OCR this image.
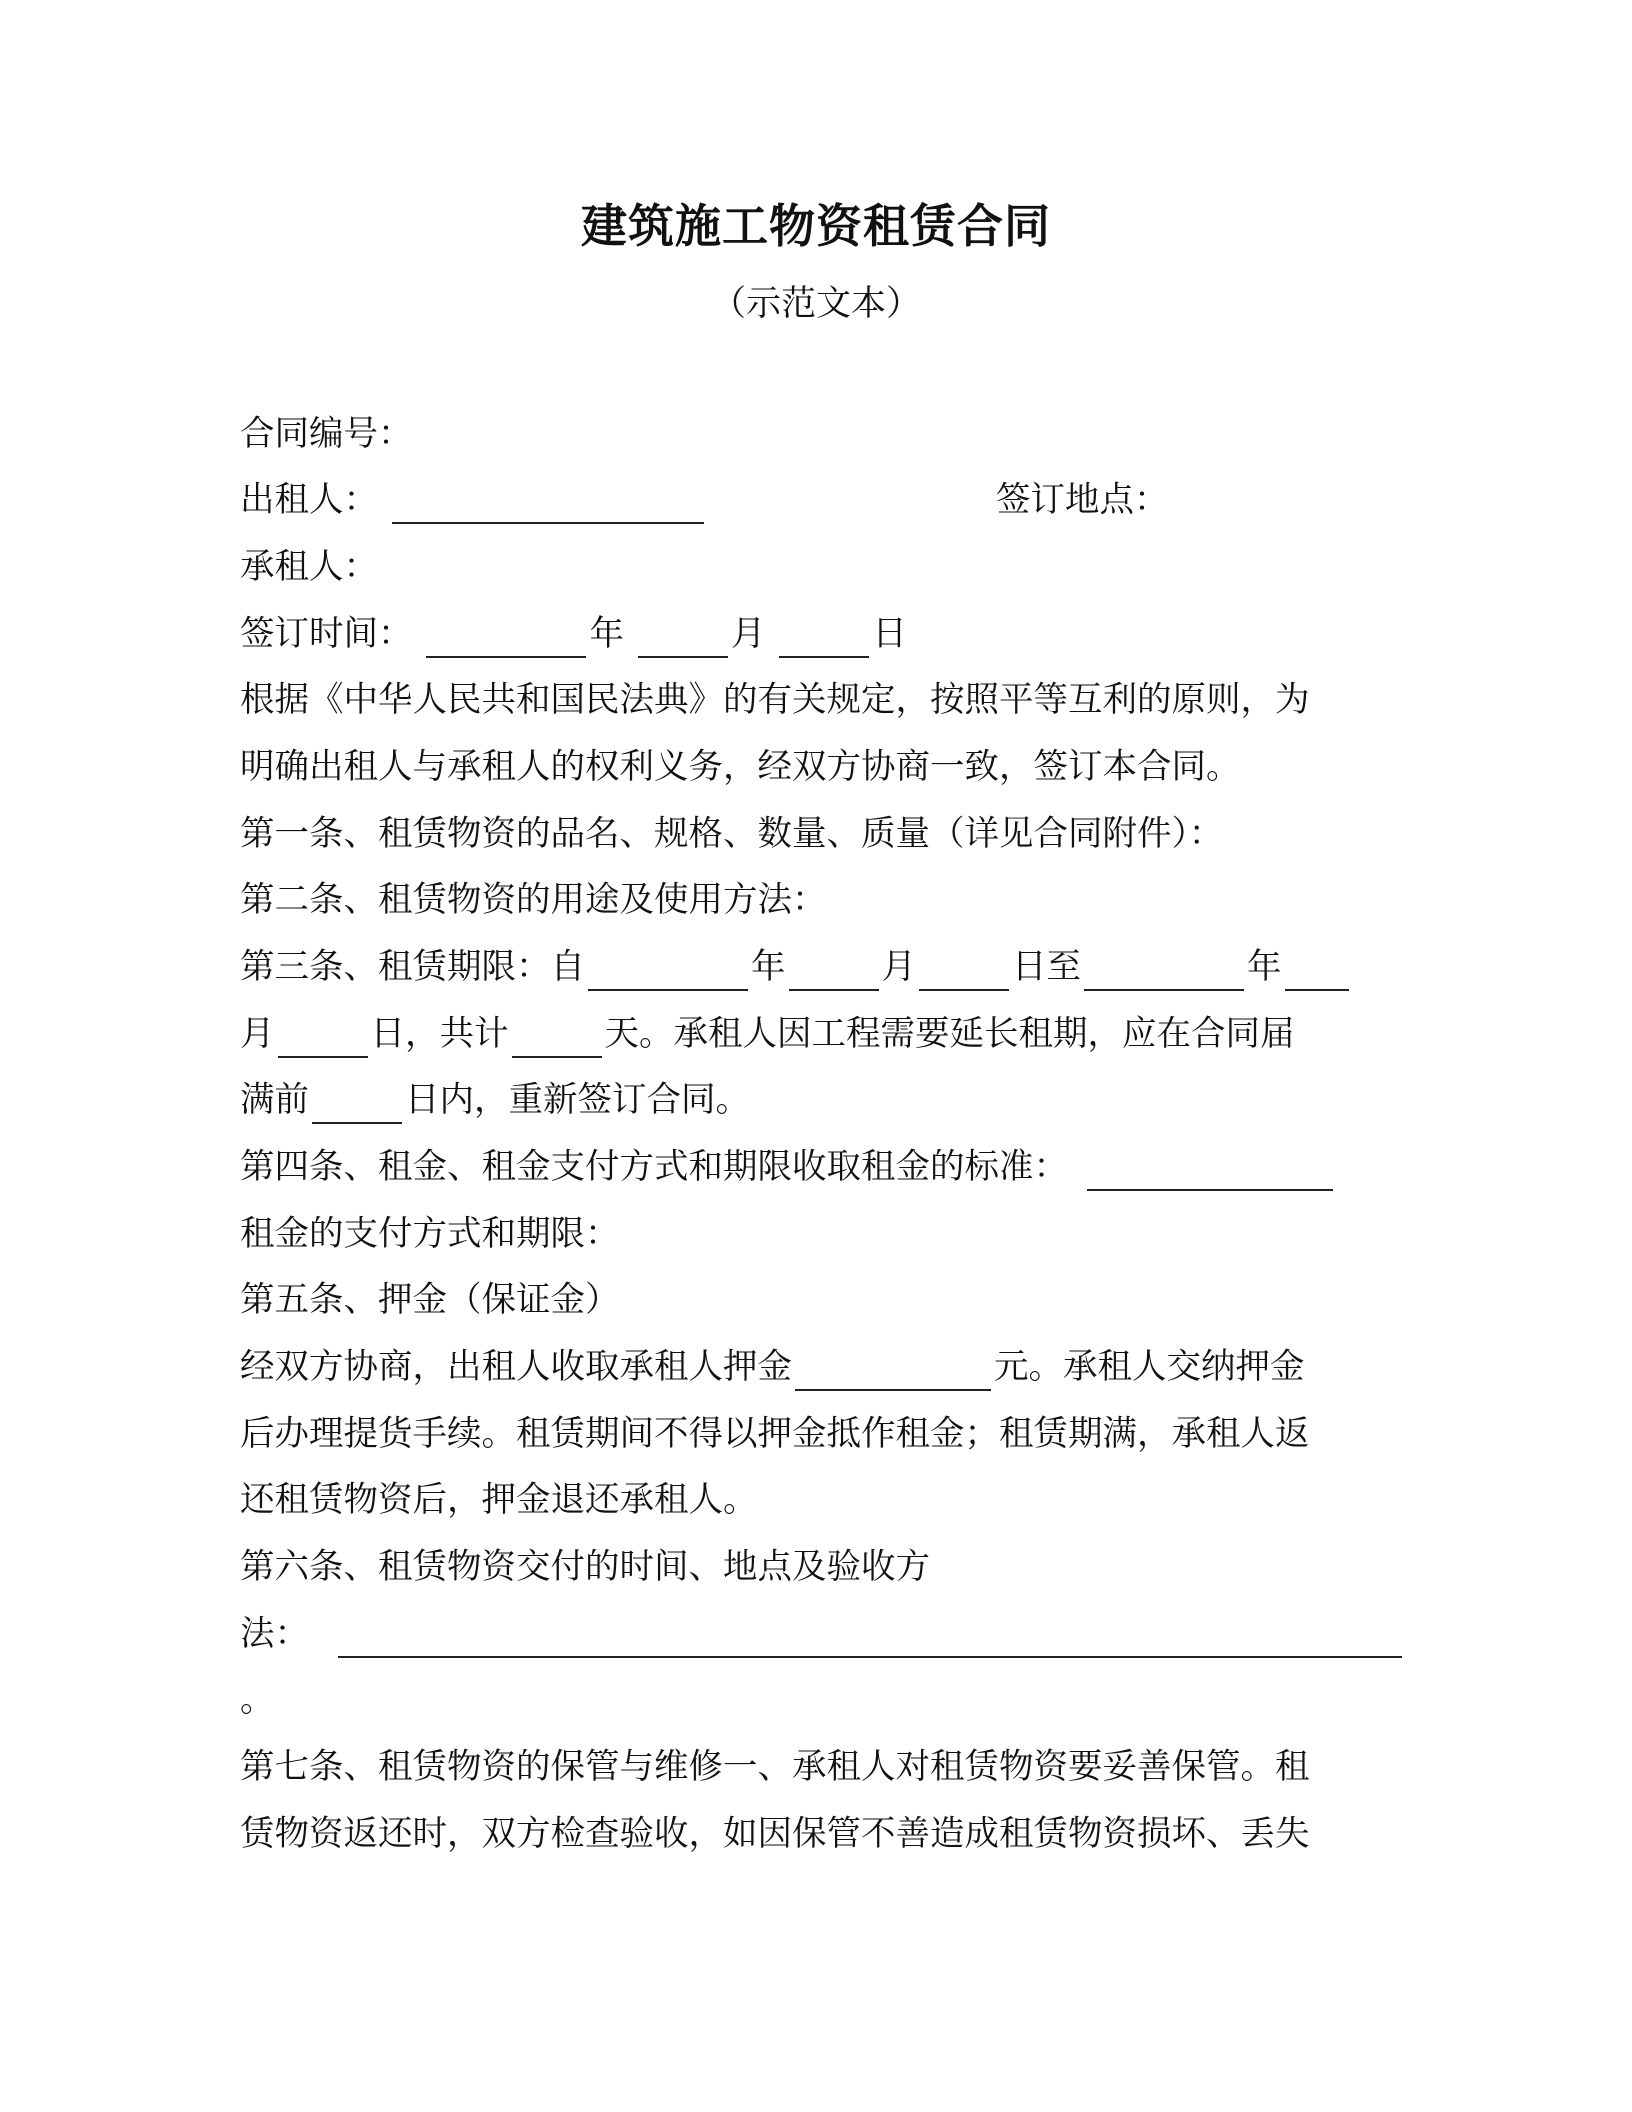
建筑施工物资租赁合同
（示范文本）
合同编号：
出租人：	签订地点：
承租人：
签订时间：	年	月	日
根据《中华人民共和国民法典》的有关规定，按照平等互利的原则，为
明确出租人与承租人的权利义务，经双方协商一致，签订本合同。
第一条、租赁物资的品名、规格、数量、质量（详见合同附件）：
第二条、租赁物资的用途及使用方法：
第三条、租赁期限：自	年	月	日至	年
月	日，共计	天。承租人因工程需要延长租期，应在合同届
满前	日内，重新签订合同。
第四条、租金、租金支付方式和期限收取租金的标准：
租金的支付方式和期限：
第五条、押金（保证金）
经双方协商，出租人收取承租人押金	元。承租人交纳押金
后办理提货手续。租赁期间不得以押金抵作租金；租赁期满，承租人返
还租赁物资后，押金退还承租人。
第六条、租赁物资交付的时间、地点及验收方
法：
。
第七条、租赁物资的保管与维修一、承租人对租赁物资要妥善保管。租
赁物资返还时，双方检查验收，如因保管不善造成租赁物资损坏、丢失
